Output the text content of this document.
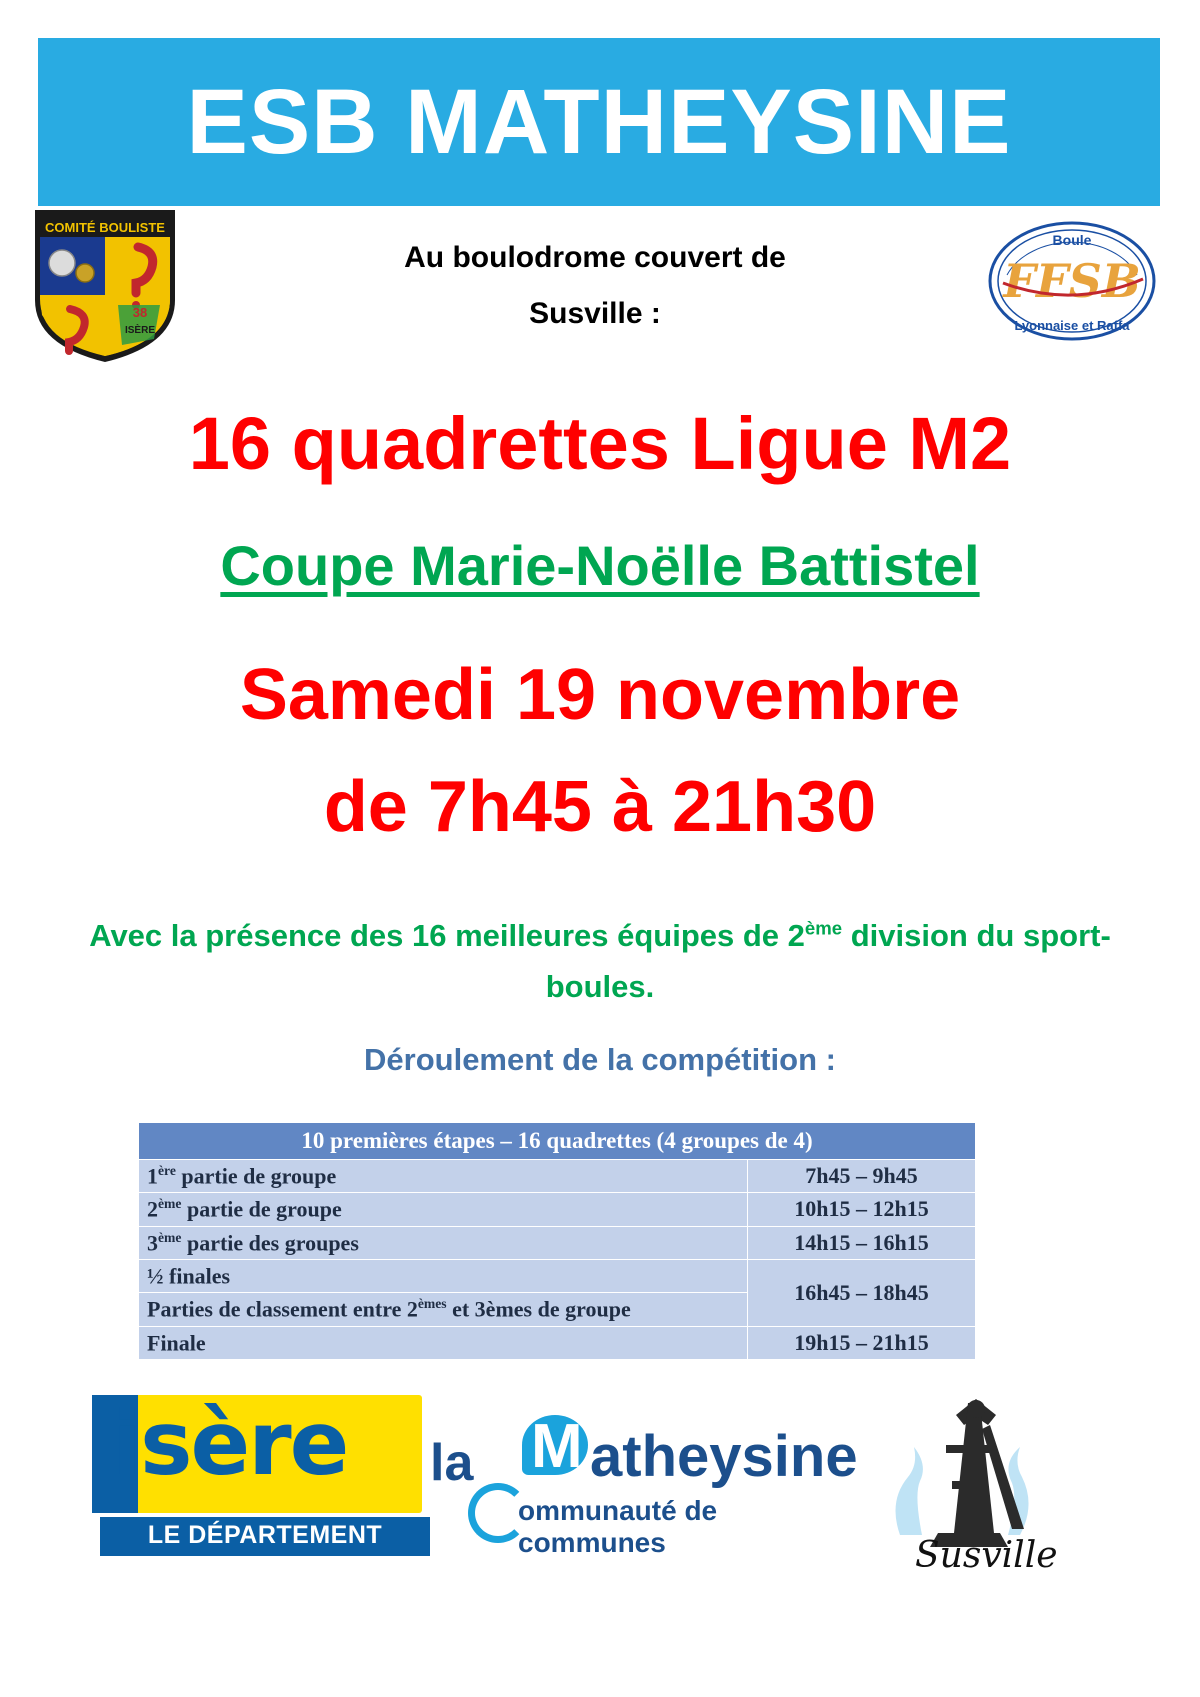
ESB MATHEYSINE
COMITÉ BOULISTE
38
ISÈRE
Boule
Lyonnaise et Raffa
FFSB
Au boulodrome couvert de
Susville :
16 quadrettes Ligue M2
Coupe Marie-Noëlle Battistel
Samedi 19 novembre
de 7h45 à 21h30
Avec la présence des 16 meilleures équipes de 2ème division du sport-boules.
Déroulement de la compétition :
10 premières étapes – 16 quadrettes (4 groupes de 4)	
1ère partie de groupe	7h45 – 9h45
2ème partie de groupe	10h15 – 12h15
3ème partie des groupes	14h15 – 16h15
½ finales	16h45 – 18h45
Parties de classement entre 2èmes et 3èmes de groupe	
Finale	19h15 – 21h15
isère
LE DÉPARTEMENT
la M atheysine
ommunauté de communes	Susville
